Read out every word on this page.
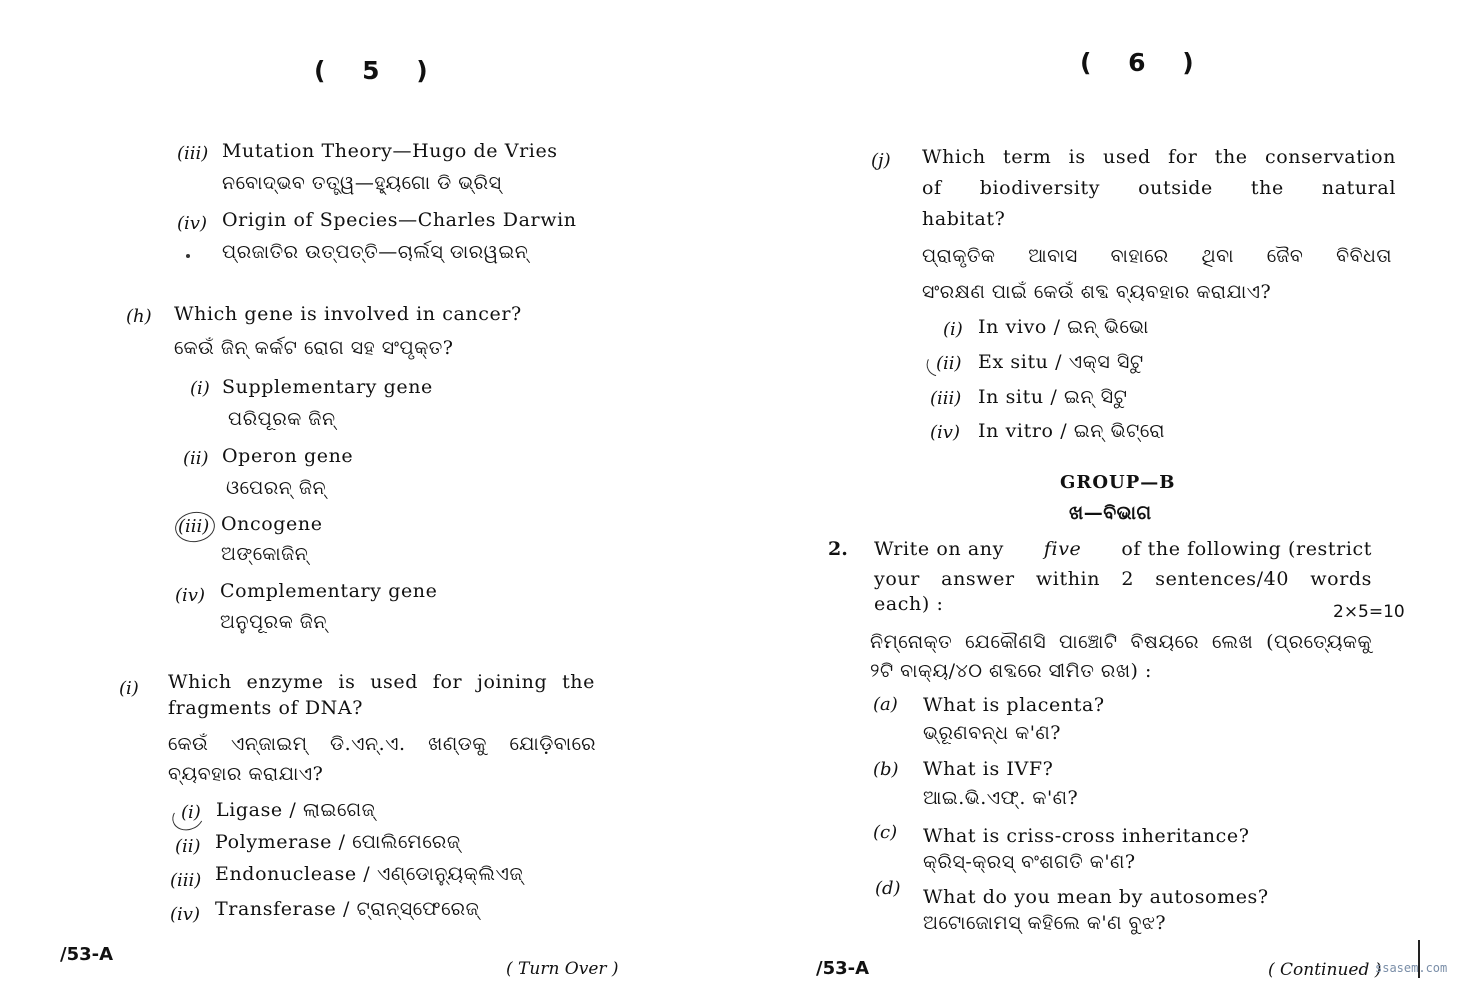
( 5 )
(iii) Mutation Theory—Hugo de Vries
ନବୋଦ୍‌ଭବ ତତ୍ତ୍ୱ—ହ୍ୟୁଗୋ ଡି ଭ୍ରିସ୍
(iv) Origin of Species—Charles Darwin
ପ୍ରଜାତିର ଉତ୍ପତ୍ତି—ଚାର୍ଲସ୍ ଡାରୱଇନ୍
(h) Which gene is involved in cancer?
କେଉଁ ଜିନ୍ କର୍କଟ ରୋଗ ସହ ସଂପୃକ୍ତ?
(i) Supplementary gene
ପରିପୂରକ ଜିନ୍
(ii) Operon gene
ଓପେରନ୍ ଜିନ୍
(iii) Oncogene
ଅଙ୍କୋଜିନ୍
(iv) Complementary gene
ଅନୁପୂରକ ଜିନ୍
(i) Which enzyme is used for joining the
fragments of DNA?
କେଉଁ ଏନ୍‌ଜାଇମ୍ ଡି.ଏନ୍.ଏ. ଖଣ୍ଡକୁ ଯୋଡ଼ିବାରେ
ବ୍ୟବହାର କରାଯାଏ?
(i) Ligase / ଲାଇଗେଜ୍
(ii) Polymerase / ପୋଲିମେରେଜ୍
(iii) Endonuclease / ଏଣ୍ଡୋନ୍ୟୁକ୍ଲିଏଜ୍
(iv) Transferase / ଟ୍ରାନ୍‌ସ୍‌ଫେରେଜ୍
/53-A
( Turn Over )
( 6 )
(j) Which term is used for the conservation
of biodiversity outside the natural
habitat?
ପ୍ରାକୃତିକ ଆବାସ ବାହାରେ ଥିବା ଜୈବ ବିବିଧତା
ସଂରକ୍ଷଣ ପାଇଁ କେଉଁ ଶବ୍ଦ ବ୍ୟବହାର କରାଯାଏ?
(i) In vivo / ଇନ୍ ଭିଭୋ
(ii) Ex situ / ଏକ୍ସ ସିଟୁ
(iii) In situ / ଇନ୍ ସିଟୁ
(iv) In vitro / ଇନ୍ ଭିଟ୍ରୋ
GROUP—B
ଖ—ବିଭାଗ
2. Write on any five of the following (restrict
your answer within 2 sentences/40 words
each) :	2×5=10
ନିମ୍ନୋକ୍ତ ଯେକୌଣସି ପାଞ୍ଚୋଟି ବିଷୟରେ ଲେଖ (ପ୍ରତ୍ୟେକକୁ
୨ଟି ବାକ୍ୟ/୪୦ ଶବ୍ଦରେ ସୀମିତ ରଖ) :
(a) What is placenta?
ଭ୍ରୂଣବନ୍ଧ କ'ଣ?
(b) What is IVF?
ଆଇ.ଭି.ଏଫ୍. କ'ଣ?
(c) What is criss-cross inheritance?
କ୍ରିସ୍-କ୍ରସ୍ ବଂଶଗତି କ'ଣ?
(d) What do you mean by autosomes?
ଅଟୋଜୋମସ୍ କହିଲେ କ'ଣ ବୁଝ?
/53-A	( Continued )
ssasem.com
